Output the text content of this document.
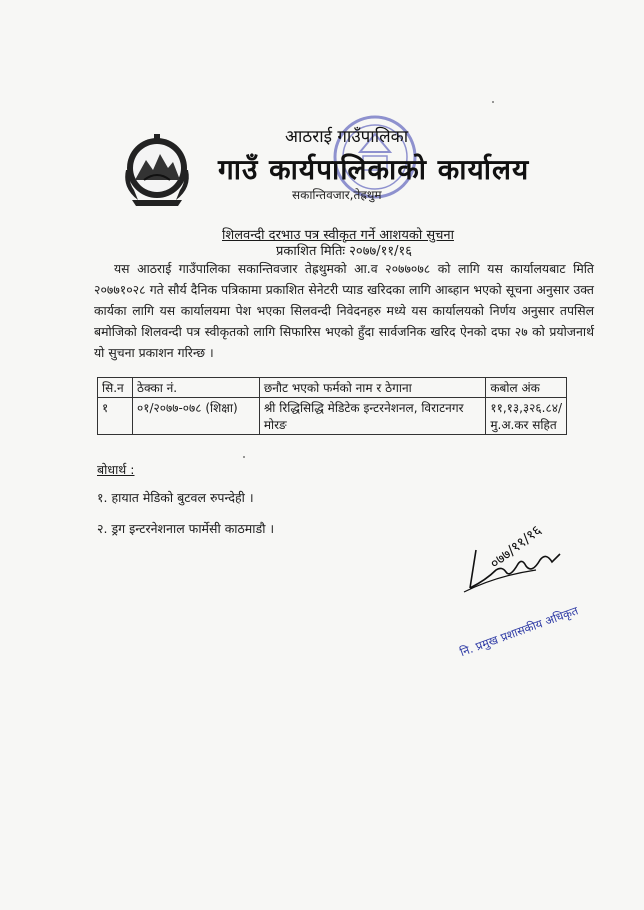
आठराई गाउँपालिका
गाउँ कार्यपालिकाको कार्यालय
सकान्तिवजार,तेह्रथुम
शिलवन्दी दरभाउ पत्र स्वीकृत गर्ने आशयको सुचना
प्रकाशित मितिः २०७७/११/१६
यस आठराई गाउँपालिका सकान्तिवजार तेह्रथुमको आ.व २०७७०७८ को लागि यस कार्यालयबाट मिति २०७७१०२८ गते सौर्य दैनिक पत्रिकामा प्रकाशित सेनेटरी प्याड खरिदका लागि आब्हान भएको सूचना अनुसार उक्त कार्यका लागि यस कार्यालयमा पेश भएका सिलवन्दी निवेदनहरु मध्ये यस कार्यालयको निर्णय अनुसार तपसिल बमोजिको शिलवन्दी पत्र स्वीकृतको लागि सिफारिस भएको हुँदा सार्वजनिक खरिद ऐनको दफा २७ को प्रयोजनार्थ यो सुचना प्रकाशन गरिन्छ ।
सि.न	ठेक्का नं.	छनौट भएको फर्मको नाम र ठेगाना	कबोल अंक
१	०१/२०७७-०७८ (शिक्षा)	श्री रिद्धिसिद्धि मेडिटेक इन्टरनेशनल, विराटनगर मोरङ	११,१३,३२६.८४/ मु.अ.कर सहित
बोधार्थ :
१. हायात मेडिको बुटवल रुपन्देही ।
२. ड्रग इन्टरनेशनाल फार्मेसी काठमाडौ ।	०७७/११/१६
नि. प्रमुख प्रशासकीय अधिकृत
